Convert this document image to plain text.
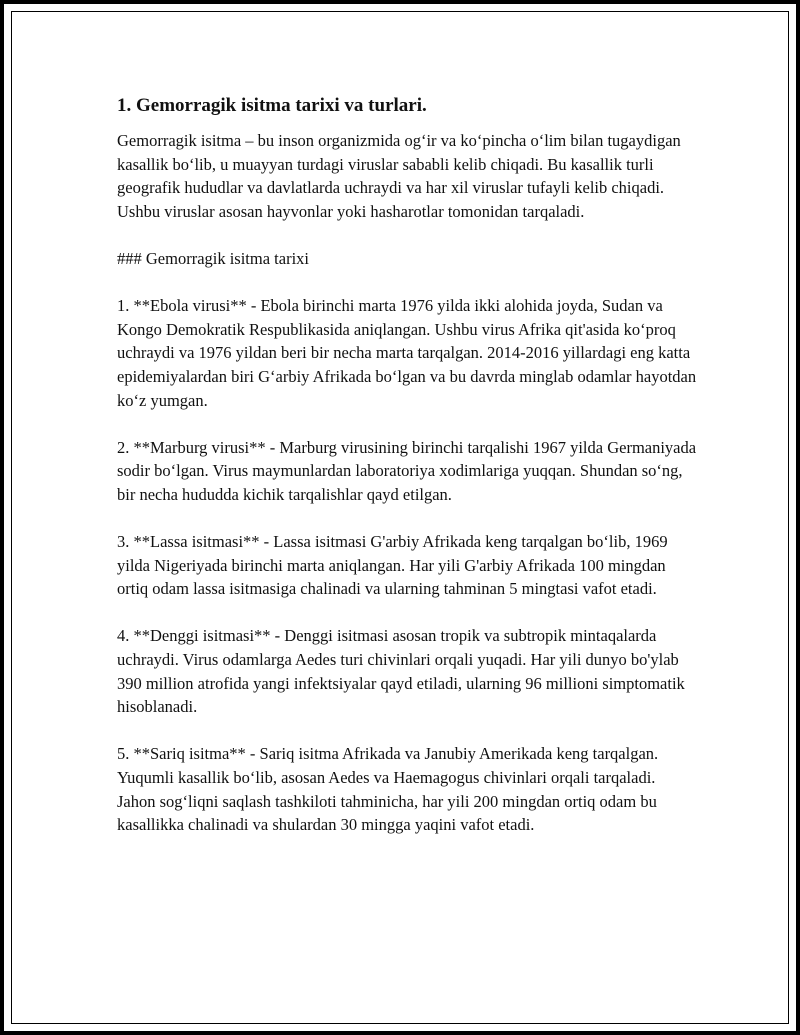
1. Gemorragik isitma tarixi va turlari.

Gemorragik isitma – bu inson organizmida og‘ir va ko‘pincha o‘lim bilan tugaydigan kasallik bo‘lib, u muayyan turdagi viruslar sababli kelib chiqadi. Bu kasallik turli geografik hududlar va davlatlarda uchraydi va har xil viruslar tufayli kelib chiqadi. Ushbu viruslar asosan hayvonlar yoki hasharotlar tomonidan tarqaladi.

### Gemorragik isitma tarixi

1. **Ebola virusi** - Ebola birinchi marta 1976 yilda ikki alohida joyda, Sudan va Kongo Demokratik Respublikasida aniqlangan. Ushbu virus Afrika qit'asida ko‘proq uchraydi va 1976 yildan beri bir necha marta tarqalgan. 2014-2016 yillardagi eng katta epidemiyalardan biri G‘arbiy Afrikada bo‘lgan va bu davrda minglab odamlar hayotdan ko‘z yumgan.

2. **Marburg virusi** - Marburg virusining birinchi tarqalishi 1967 yilda Germaniyada sodir bo‘lgan. Virus maymunlardan laboratoriya xodimlariga yuqqan. Shundan so‘ng, bir necha hududda kichik tarqalishlar qayd etilgan.

3. **Lassa isitmasi** - Lassa isitmasi G'arbiy Afrikada keng tarqalgan bo‘lib, 1969 yilda Nigeriyada birinchi marta aniqlangan. Har yili G'arbiy Afrikada 100 mingdan ortiq odam lassa isitmasiga chalinadi va ularning tahminan 5 mingtasi vafot etadi.

4. **Denggi isitmasi** - Denggi isitmasi asosan tropik va subtropik mintaqalarda uchraydi. Virus odamlarga Aedes turi chivinlari orqali yuqadi. Har yili dunyo bo'ylab 390 million atrofida yangi infektsiyalar qayd etiladi, ularning 96 millioni simptomatik hisoblanadi.

5. **Sariq isitma** - Sariq isitma Afrikada va Janubiy Amerikada keng tarqalgan. Yuqumli kasallik bo‘lib, asosan Aedes va Haemagogus chivinlari orqali tarqaladi. Jahon sog‘liqni saqlash tashkiloti tahminicha, har yili 200 mingdan ortiq odam bu kasallikka chalinadi va shulardan 30 mingga yaqini vafot etadi.
